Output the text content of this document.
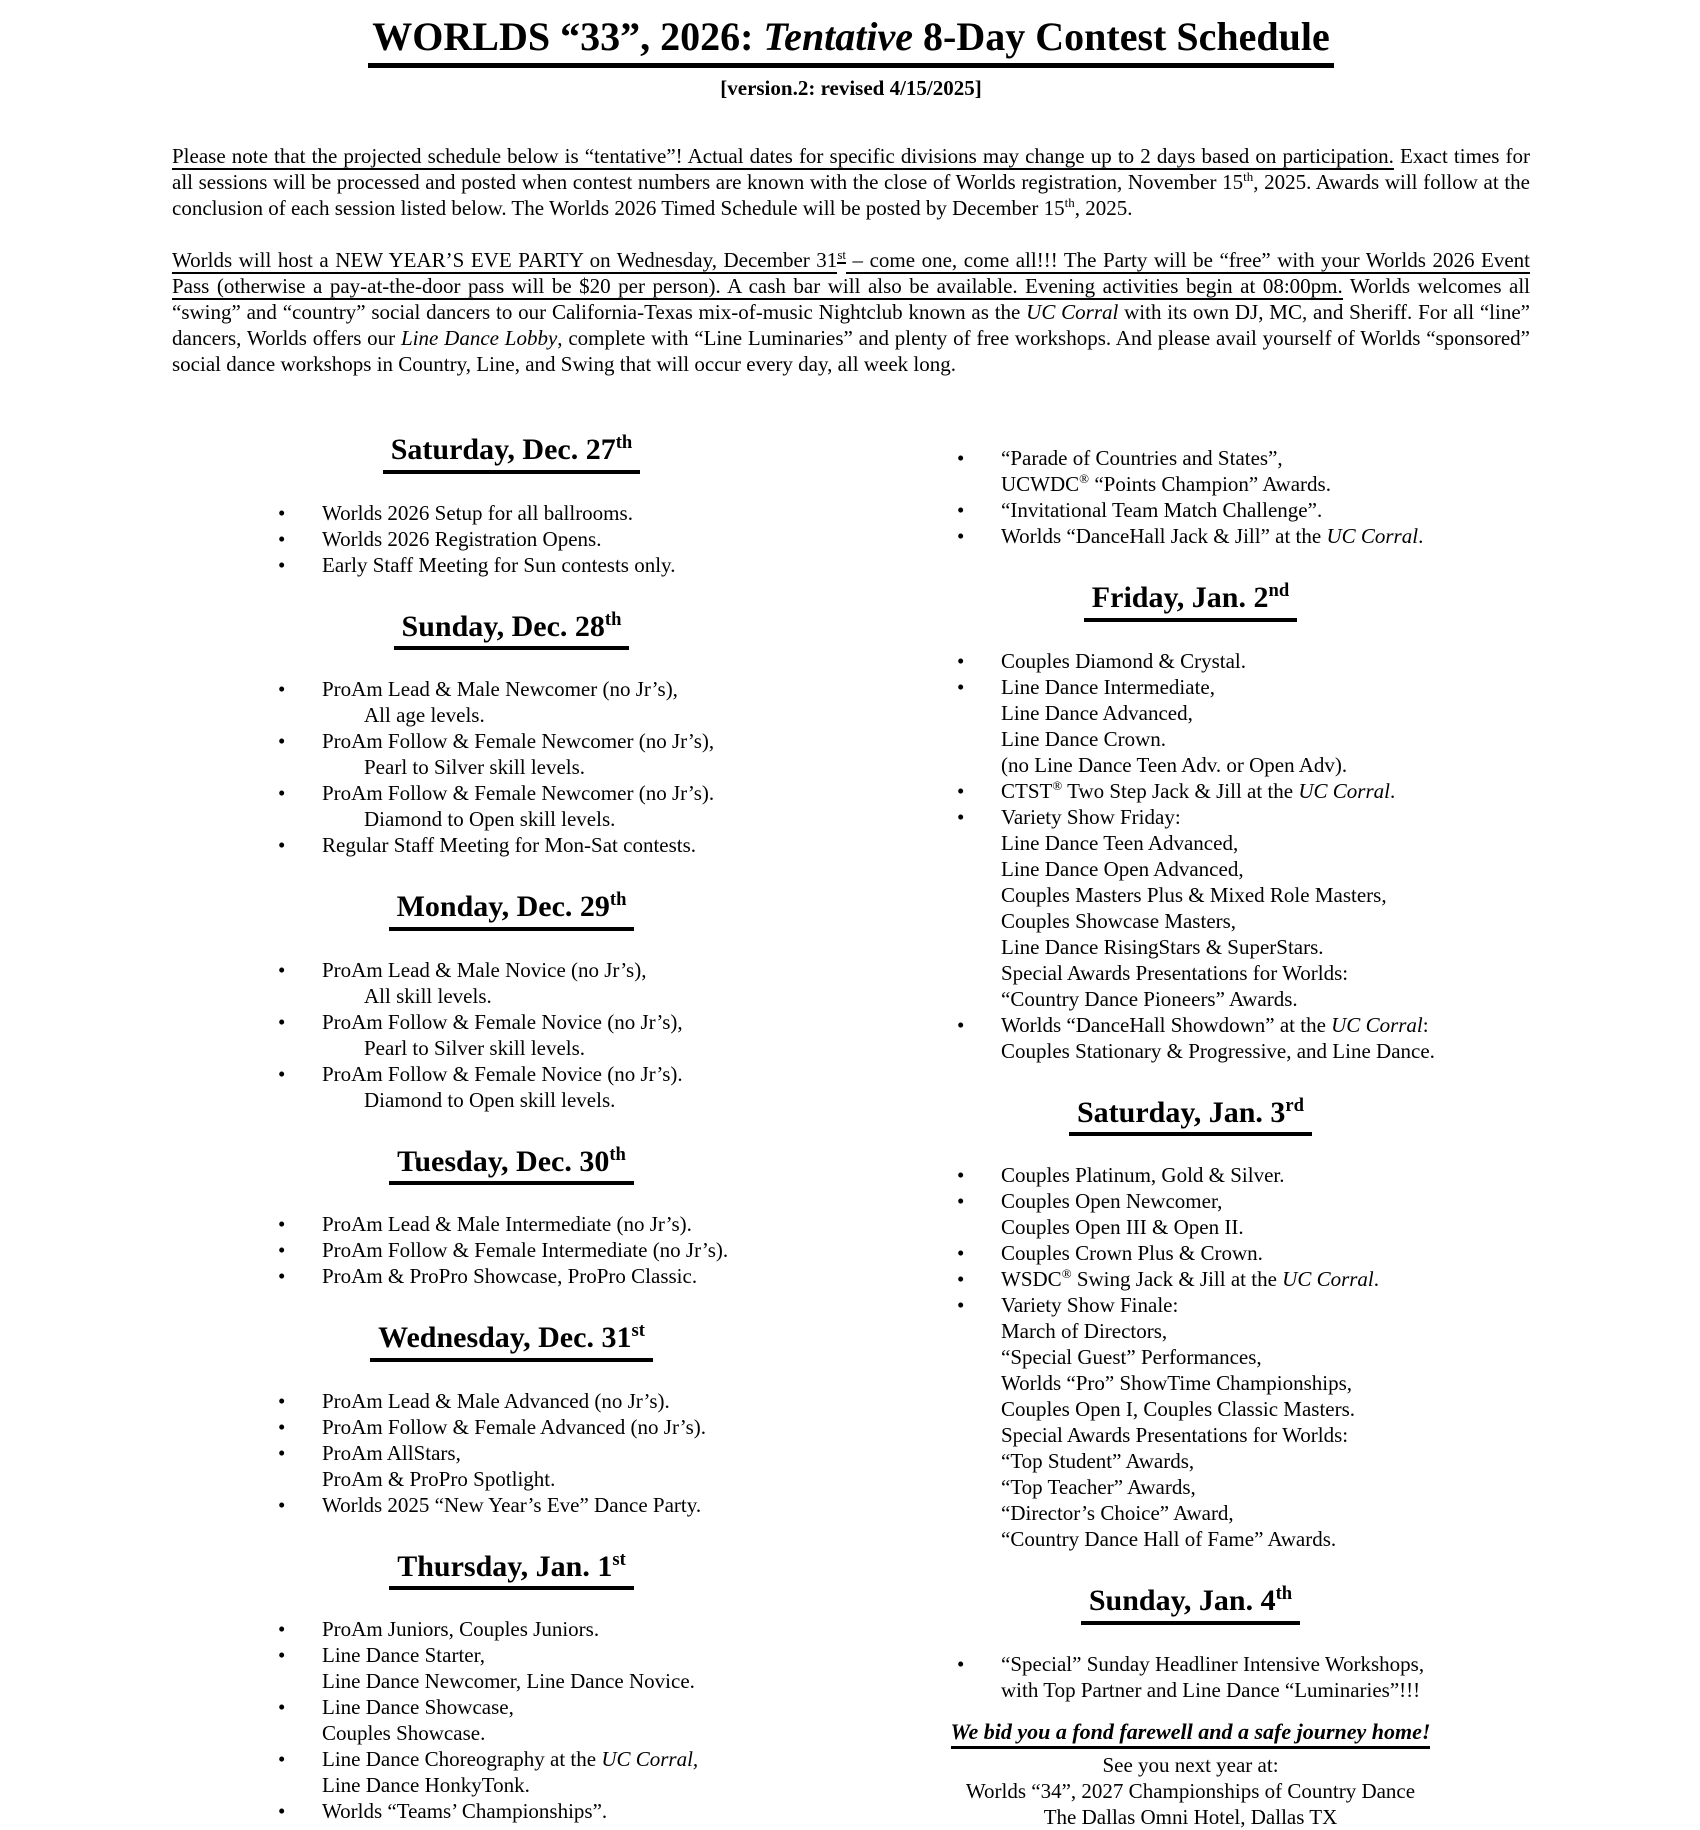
WORLDS “33”, 2026: Tentative 8-Day Contest Schedule
[version.2: revised 4/15/2025]

Please note that the projected schedule below is “tentative”! Actual dates for specific divisions may change up to 2 days based on participation. Exact times for all sessions will be processed and posted when contest numbers are known with the close of Worlds registration, November 15th, 2025. Awards will follow at the conclusion of each session listed below. The Worlds 2026 Timed Schedule will be posted by December 15th, 2025.

Worlds will host a NEW YEAR’S EVE PARTY on Wednesday, December 31st – come one, come all!!! The Party will be “free” with your Worlds 2026 Event Pass (otherwise a pay-at-the-door pass will be $20 per person). A cash bar will also be available. Evening activities begin at 08:00pm. Worlds welcomes all “swing” and “country” social dancers to our California-Texas mix-of-music Nightclub known as the UC Corral with its own DJ, MC, and Sheriff. For all “line” dancers, Worlds offers our Line Dance Lobby, complete with “Line Luminaries” and plenty of free workshops. And please avail yourself of Worlds “sponsored” social dance workshops in Country, Line, and Swing that will occur every day, all week long.

Saturday, Dec. 27th
• Worlds 2026 Setup for all ballrooms.
• Worlds 2026 Registration Opens.
• Early Staff Meeting for Sun contests only.
Sunday, Dec. 28th
• ProAm Lead & Male Newcomer (no Jr’s),
All age levels.
• ProAm Follow & Female Newcomer (no Jr’s),
Pearl to Silver skill levels.
• ProAm Follow & Female Newcomer (no Jr’s).
Diamond to Open skill levels.
• Regular Staff Meeting for Mon-Sat contests.
Monday, Dec. 29th
• ProAm Lead & Male Novice (no Jr’s),
All skill levels.
• ProAm Follow & Female Novice (no Jr’s),
Pearl to Silver skill levels.
• ProAm Follow & Female Novice (no Jr’s).
Diamond to Open skill levels.
Tuesday, Dec. 30th
• ProAm Lead & Male Intermediate (no Jr’s).
• ProAm Follow & Female Intermediate (no Jr’s).
• ProAm & ProPro Showcase, ProPro Classic.
Wednesday, Dec. 31st
• ProAm Lead & Male Advanced (no Jr’s).
• ProAm Follow & Female Advanced (no Jr’s).
• ProAm AllStars,
ProAm & ProPro Spotlight.
• Worlds 2025 “New Year’s Eve” Dance Party.
Thursday, Jan. 1st
• ProAm Juniors, Couples Juniors.
• Line Dance Starter,
Line Dance Newcomer, Line Dance Novice.
• Line Dance Showcase,
Couples Showcase.
• Line Dance Choreography at the UC Corral,
Line Dance HonkyTonk.
• Worlds “Teams’ Championships”.
• “Parade of Countries and States”,
UCWDC® “Points Champion” Awards.
• “Invitational Team Match Challenge”.
• Worlds “DanceHall Jack & Jill” at the UC Corral.
Friday, Jan. 2nd
• Couples Diamond & Crystal.
• Line Dance Intermediate,
Line Dance Advanced,
Line Dance Crown.
(no Line Dance Teen Adv. or Open Adv).
• CTST® Two Step Jack & Jill at the UC Corral.
• Variety Show Friday:
Line Dance Teen Advanced,
Line Dance Open Advanced,
Couples Masters Plus & Mixed Role Masters,
Couples Showcase Masters,
Line Dance RisingStars & SuperStars.
Special Awards Presentations for Worlds:
“Country Dance Pioneers” Awards.
• Worlds “DanceHall Showdown” at the UC Corral:
Couples Stationary & Progressive, and Line Dance.
Saturday, Jan. 3rd
• Couples Platinum, Gold & Silver.
• Couples Open Newcomer,
Couples Open III & Open II.
• Couples Crown Plus & Crown.
• WSDC® Swing Jack & Jill at the UC Corral.
• Variety Show Finale:
March of Directors,
“Special Guest” Performances,
Worlds “Pro” ShowTime Championships,
Couples Open I, Couples Classic Masters.
Special Awards Presentations for Worlds:
“Top Student” Awards,
“Top Teacher” Awards,
“Director’s Choice” Award,
“Country Dance Hall of Fame” Awards.
Sunday, Jan. 4th
• “Special” Sunday Headliner Intensive Workshops,
with Top Partner and Line Dance “Luminaries”!!!
We bid you a fond farewell and a safe journey home!
See you next year at:
Worlds “34”, 2027 Championships of Country Dance
The Dallas Omni Hotel, Dallas TX
